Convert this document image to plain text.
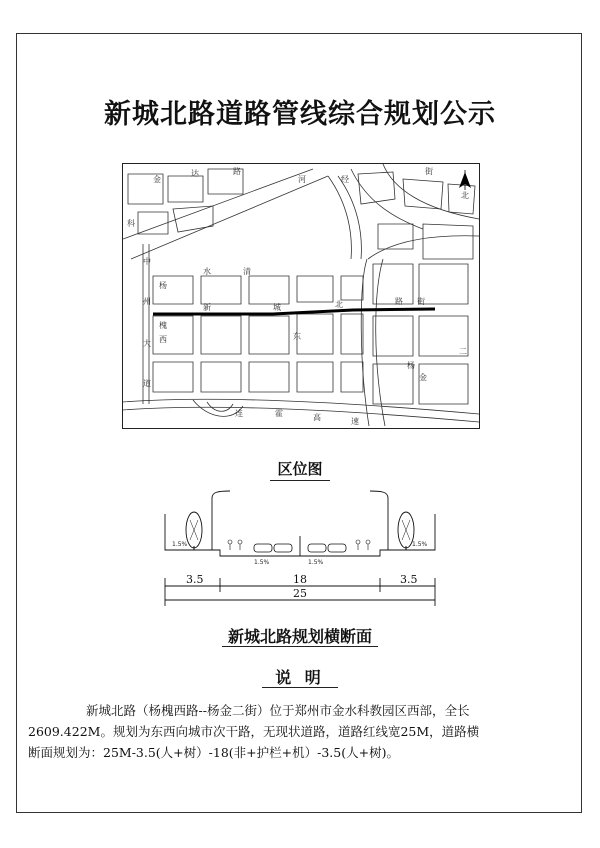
新城北路道路管线综合规划公示
金
达	路
河	经
街
科
中
州
大
道
新	城	北	路 街
杨
槐
西
水	清
东
连	霍	高	速
杨
金
二
北
区位图
1.5%	1.5%
1.5%	1.5%
3.5	18	3.5
25
新城北路规划横断面
说 明

新城北路（杨槐西路--杨金二街）位于郑州市金水科教园区西部，全长

2609.422M。规划为东西向城市次干路，无现状道路，道路红线宽25M，道路横

断面规划为：25M-3.5(人+树）-18(非+护栏+机）-3.5(人+树)。
